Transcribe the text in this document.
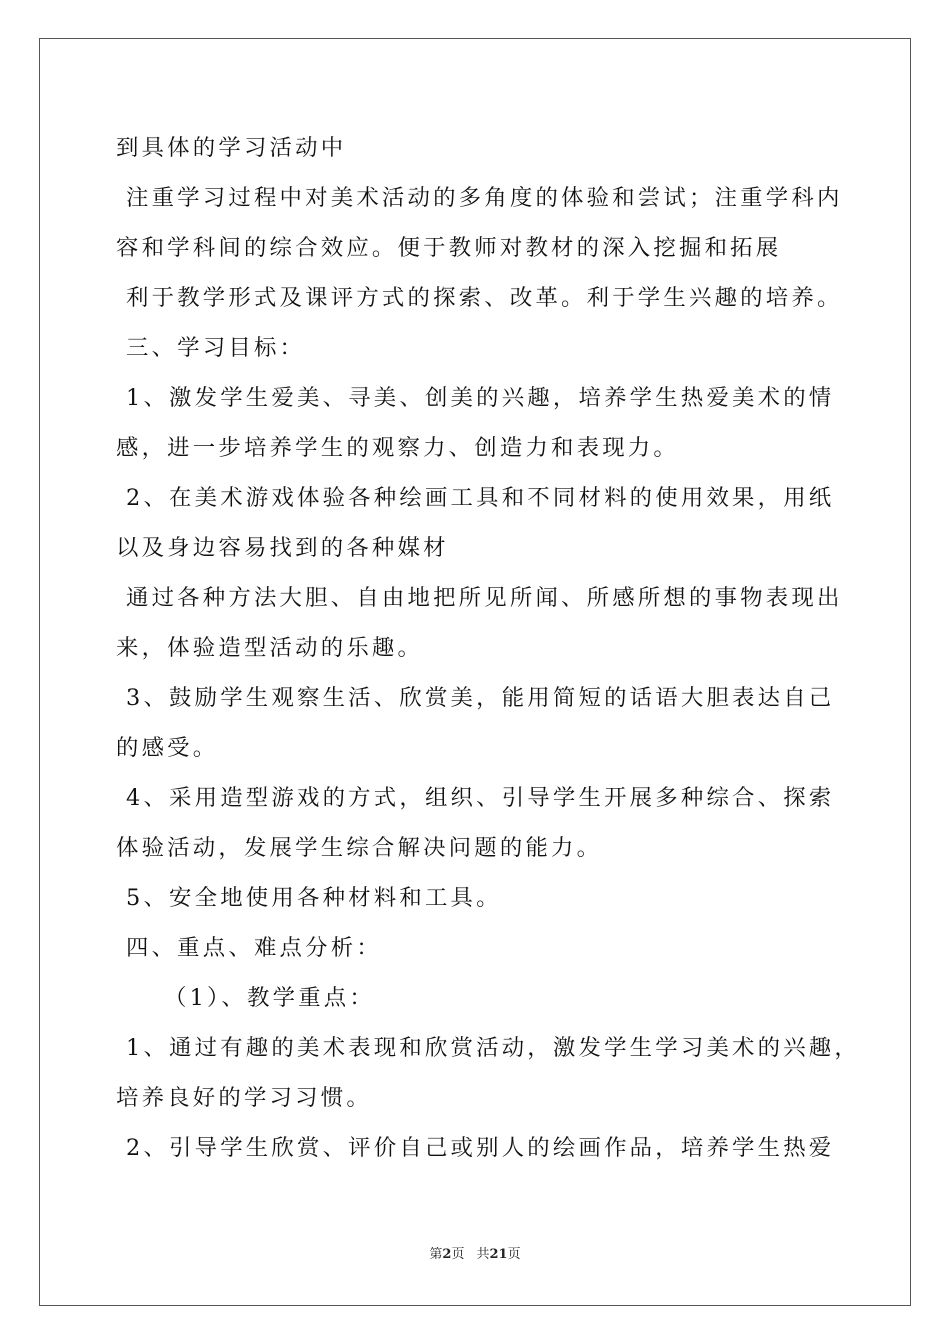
到具体的学习活动中
注重学习过程中对美术活动的多角度的体验和尝试；注重学科内
容和学科间的综合效应。便于教师对教材的深入挖掘和拓展
利于教学形式及课评方式的探索、改革。利于学生兴趣的培养。
三、学习目标：
1、激发学生爱美、寻美、创美的兴趣，培养学生热爱美术的情
感，进一步培养学生的观察力、创造力和表现力。
2、在美术游戏体验各种绘画工具和不同材料的使用效果，用纸
以及身边容易找到的各种媒材
通过各种方法大胆、自由地把所见所闻、所感所想的事物表现出
来，体验造型活动的乐趣。
3、鼓励学生观察生活、欣赏美，能用简短的话语大胆表达自己
的感受。
4、采用造型游戏的方式，组织、引导学生开展多种综合、探索
体验活动，发展学生综合解决问题的能力。
5、安全地使用各种材料和工具。
四、重点、难点分析：
（1）、教学重点：
1、通过有趣的美术表现和欣赏活动，激发学生学习美术的兴趣，
培养良好的学习习惯。
2、引导学生欣赏、评价自己或别人的绘画作品，培养学生热爱
第2页 共21页
